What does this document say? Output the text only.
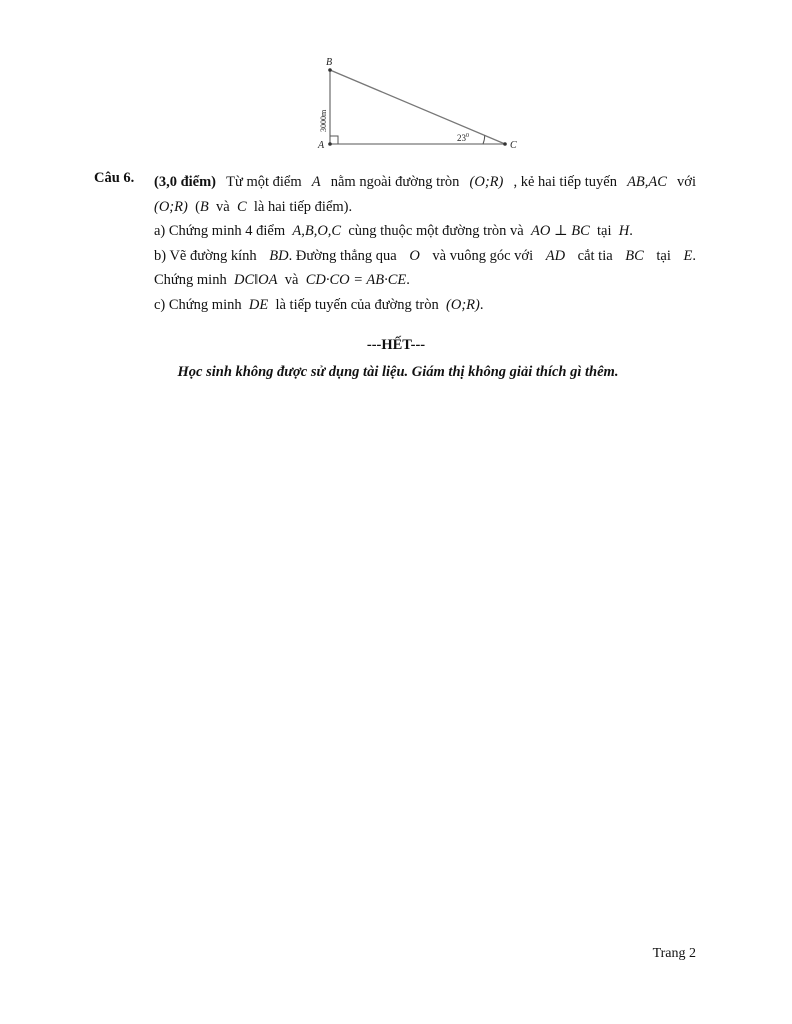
B
A	C
3000m
$23^0$
Câu 6. (3,0 điểm) Từ một điểm A nằm ngoài đường tròn (O;R) , kẻ hai tiếp tuyến AB,AC với
(O;R) (B và C là hai tiếp điểm).
a) Chứng minh 4 điểm A,B,O,C cùng thuộc một đường tròn và AO ⊥ BC tại H.
b) Vẽ đường kính BD. Đường thẳng qua O và vuông góc với AD cắt tia BC tại E.
Chứng minh DC‖OA và CD·CO = AB·CE.
c) Chứng minh DE là tiếp tuyến của đường tròn (O;R).
---HẾT---
Học sinh không được sử dụng tài liệu. Giám thị không giải thích gì thêm.
Trang 2
